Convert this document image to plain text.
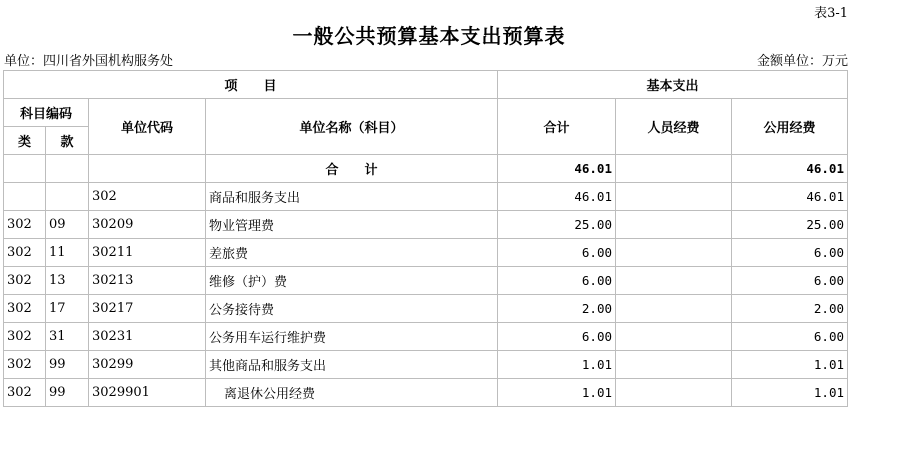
表3-1
一般公共预算基本支出预算表
单位：四川省外国机构服务处	金额单位：万元
项　　目				基本支出		
科目编码		单位代码	单位名称（科目）	合计	人员经费	公用经费
类	款					
			合　　计	46.01		46.01
		302	商品和服务支出	46.01		46.01
302	09	30209	物业管理费	25.00		25.00
302	11	30211	差旅费	6.00		6.00
302	13	30213	维修（护）费	6.00		6.00
302	17	30217	公务接待费	2.00		2.00
302	31	30231	公务用车运行维护费	6.00		6.00
302	99	30299	其他商品和服务支出	1.01		1.01
302	99	3029901	离退休公用经费	1.01		1.01
